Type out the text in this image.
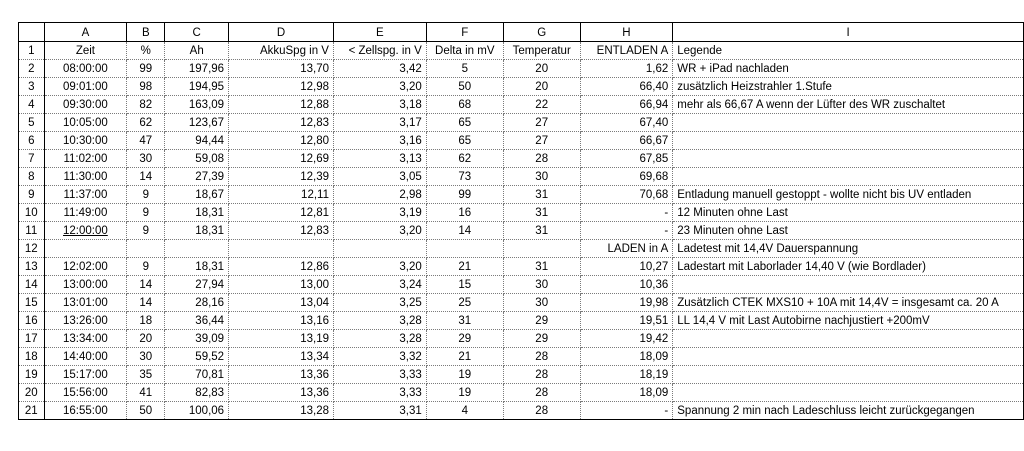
	A	B	C	D	E	F	G	H	I
1	Zeit	%	Ah	AkkuSpg in V	< Zellspg. in V	Delta in mV	Temperatur	ENTLADEN A	Legende
2	08:00:00	99	197,96	13,70	3,42	5	20	1,62	WR + iPad nachladen
3	09:01:00	98	194,95	12,98	3,20	50	20	66,40	zusätzlich Heizstrahler 1.Stufe
4	09:30:00	82	163,09	12,88	3,18	68	22	66,94	mehr als 66,67 A wenn der Lüfter des WR zuschaltet
5	10:05:00	62	123,67	12,83	3,17	65	27	67,40	
6	10:30:00	47	94,44	12,80	3,16	65	27	66,67	
7	11:02:00	30	59,08	12,69	3,13	62	28	67,85	
8	11:30:00	14	27,39	12,39	3,05	73	30	69,68	
9	11:37:00	9	18,67	12,11	2,98	99	31	70,68	Entladung manuell gestoppt - wollte nicht bis UV entladen
10	11:49:00	9	18,31	12,81	3,19	16	31	-	12 Minuten ohne Last
11	12:00:00	9	18,31	12,83	3,20	14	31	-	23 Minuten ohne Last
12								LADEN in A	Ladetest mit 14,4V Dauerspannung
13	12:02:00	9	18,31	12,86	3,20	21	31	10,27	Ladestart mit Laborlader 14,40 V (wie Bordlader)
14	13:00:00	14	27,94	13,00	3,24	15	30	10,36	
15	13:01:00	14	28,16	13,04	3,25	25	30	19,98	Zusätzlich CTEK MXS10 + 10A mit 14,4V = insgesamt ca. 20 A
16	13:26:00	18	36,44	13,16	3,28	31	29	19,51	LL 14,4 V mit Last Autobirne nachjustiert +200mV
17	13:34:00	20	39,09	13,19	3,28	29	29	19,42	
18	14:40:00	30	59,52	13,34	3,32	21	28	18,09	
19	15:17:00	35	70,81	13,36	3,33	19	28	18,19	
20	15:56:00	41	82,83	13,36	3,33	19	28	18,09	
21	16:55:00	50	100,06	13,28	3,31	4	28	-	Spannung 2 min nach Ladeschluss leicht zurückgegangen
